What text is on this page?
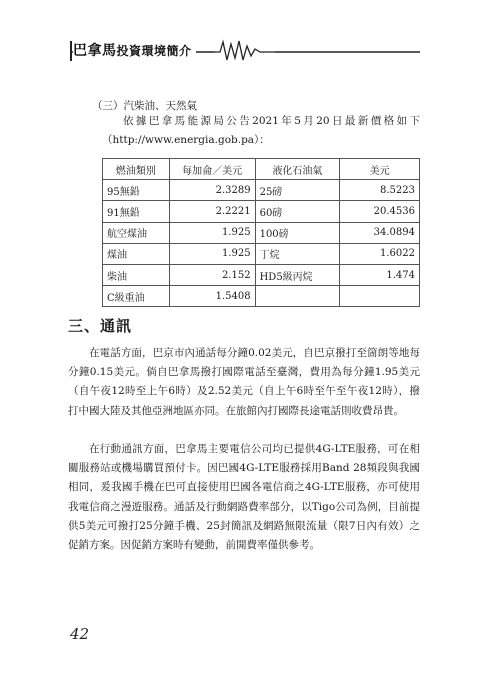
巴拿馬投資環境簡介
（三）汽柴油、天然氣
依據巴拿馬能源局公告2021年5月20日最新價格如下（http://www.energia.gob.pa）：
燃油類別	每加侖／美元	液化石油氣	美元
95無鉛	2.3289	25磅	8.5223
91無鉛	2.2221	60磅	20.4536
航空煤油	1.925	100磅	34.0894
煤油	1.925	丁烷	1.6022
柴油	2.152	HD5級丙烷	1.474
C級重油	1.5408		
三、通訊
在電話方面，巴京市內通話每分鐘0.02美元，自巴京撥打至箇朗等地每分鐘0.15美元。倘自巴拿馬撥打國際電話至臺灣，費用為每分鐘1.95美元（自午夜12時至上午6時）及2.52美元（自上午6時至午至午夜12時），撥打中國大陸及其他亞洲地區亦同。在旅館內打國際長途電話則收費昂貴。
在行動通訊方面，巴拿馬主要電信公司均已提供4G-LTE服務，可在相關服務站或機場購買預付卡。因巴國4G-LTE服務採用Band 28頻段與我國相同，爰我國手機在巴可直接使用巴國各電信商之4G-LTE服務，亦可使用我電信商之漫遊服務。通話及行動網路費率部分，以Tigo公司為例，目前提供5美元可撥打25分鐘手機、25封簡訊及網路無限流量（限7日內有效）之促銷方案。因促銷方案時有變動，前開費率僅供參考。
42
